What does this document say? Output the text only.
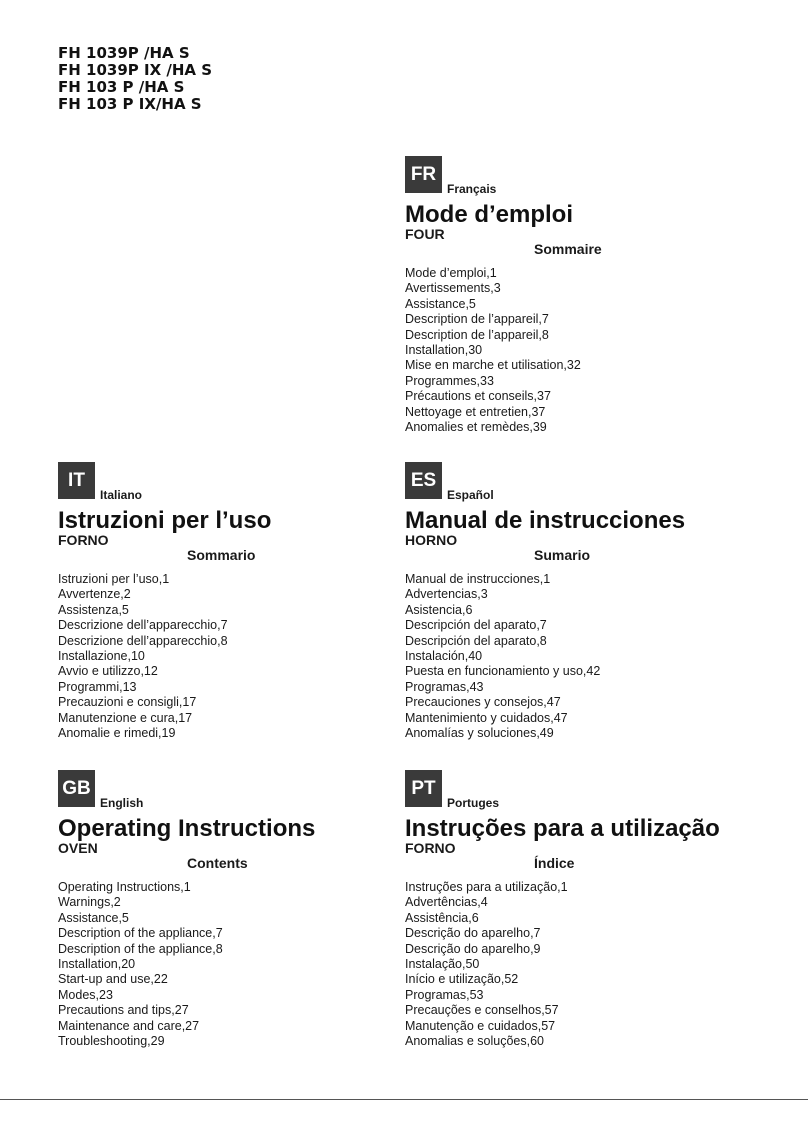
FH 1039P /HA S
FH 1039P IX /HA S
FH 103 P /HA S
FH 103 P IX/HA S
FR
Français
Mode d’emploi
FOUR
Sommaire
Mode d’emploi,1
Avertissements,3
Assistance,5
Description de l’appareil,7
Description de l’appareil,8
Installation,30
Mise en marche et utilisation,32
Programmes,33
Précautions et conseils,37
Nettoyage et entretien,37
Anomalies et remèdes,39
IT
Italiano
Istruzioni per l’uso
FORNO
Sommario
Istruzioni per l’uso,1
Avvertenze,2
Assistenza,5
Descrizione dell’apparecchio,7
Descrizione dell’apparecchio,8
Installazione,10
Avvio e utilizzo,12
Programmi,13
Precauzioni e consigli,17
Manutenzione e cura,17
Anomalie e rimedi,19
ES
Español
Manual de instrucciones
HORNO
Sumario
Manual de instrucciones,1
Advertencias,3
Asistencia,6
Descripción del aparato,7
Descripción del aparato,8
Instalación,40
Puesta en funcionamiento y uso,42
Programas,43
Precauciones y consejos,47
Mantenimiento y cuidados,47
Anomalías y soluciones,49
GB
English
Operating Instructions
OVEN
Contents
Operating Instructions,1
Warnings,2
Assistance,5
Description of the appliance,7
Description of the appliance,8
Installation,20
Start-up and use,22
Modes,23
Precautions and tips,27
Maintenance and care,27
Troubleshooting,29
PT
Portuges
Instruções para a utilização
FORNO
Índice
Instruções para a utilização,1
Advertências,4
Assistência,6
Descrição do aparelho,7
Descrição do aparelho,9
Instalação,50
Início e utilização,52
Programas,53
Precauções e conselhos,57
Manutenção e cuidados,57
Anomalias e soluções,60
